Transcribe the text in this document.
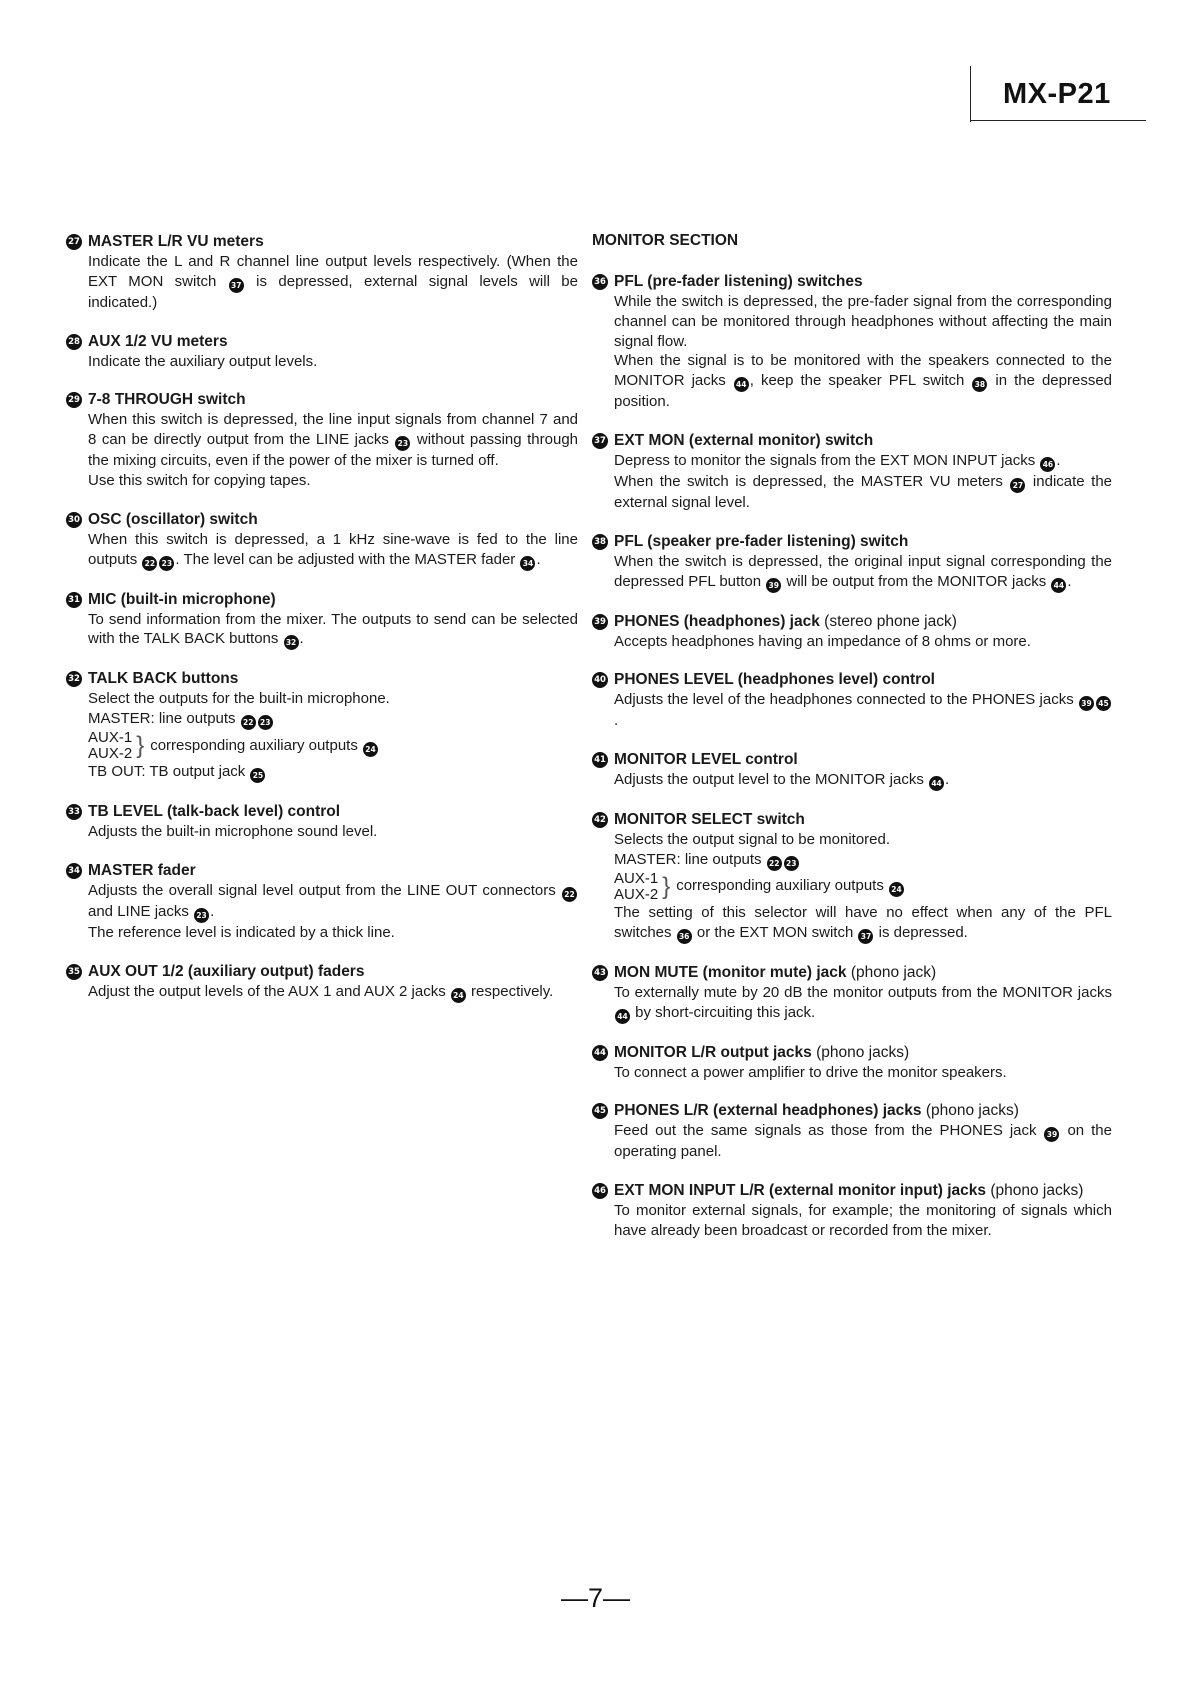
MX-P21
27 MASTER L/R VU meters

Indicate the L and R channel line output levels respectively. (When the EXT MON switch 37 is depressed, external signal levels will be indicated.)

28 AUX 1/2 VU meters

Indicate the auxiliary output levels.

29 7-8 THROUGH switch

When this switch is depressed, the line input signals from channel 7 and 8 can be directly output from the LINE jacks 23 without passing through the mixing circuits, even if the power of the mixer is turned off.

Use this switch for copying tapes.

30 OSC (oscillator) switch

When this switch is depressed, a 1 kHz sine-wave is fed to the line outputs 22 23 . The level can be adjusted with the MASTER fader 34 .

31 MIC (built-in microphone)

To send information from the mixer. The outputs to send can be selected with the TALK BACK buttons 32 .

32 TALK BACK buttons

Select the outputs for the built-in microphone.

MASTER: line outputs 22 23

AUX-1
AUX-2 } corresponding auxiliary outputs 24

TB OUT: TB output jack 25

33 TB LEVEL (talk-back level) control

Adjusts the built-in microphone sound level.

34 MASTER fader

Adjusts the overall signal level output from the LINE OUT connectors 22 and LINE jacks 23 .

The reference level is indicated by a thick line.

35 AUX OUT 1/2 (auxiliary output) faders

Adjust the output levels of the AUX 1 and AUX 2 jacks 24 respectively.

MONITOR SECTION
36 PFL (pre-fader listening) switches

While the switch is depressed, the pre-fader signal from the corresponding channel can be monitored through headphones without affecting the main signal flow.

When the signal is to be monitored with the speakers connected to the MONITOR jacks 44 , keep the speaker PFL switch 38 in the depressed position.

37 EXT MON (external monitor) switch

Depress to monitor the signals from the EXT MON INPUT jacks 46 .

When the switch is depressed, the MASTER VU meters 27 indicate the external signal level.

38 PFL (speaker pre-fader listening) switch

When the switch is depressed, the original input signal corresponding the depressed PFL button 39 will be output from the MONITOR jacks 44 .

39 PHONES (headphones) jack (stereo phone jack)

Accepts headphones having an impedance of 8 ohms or more.

40 PHONES LEVEL (headphones level) control

Adjusts the level of the headphones connected to the PHONES jacks 39 45.

41 MONITOR LEVEL control

Adjusts the output level to the MONITOR jacks 44 .

42 MONITOR SELECT switch

Selects the output signal to be monitored.

MASTER: line outputs 22 23

AUX-1
AUX-2 } corresponding auxiliary outputs 24

The setting of this selector will have no effect when any of the PFL switches 36 or the EXT MON switch 37 is depressed.

43 MON MUTE (monitor mute) jack (phono jack)

To externally mute by 20 dB the monitor outputs from the MONITOR jacks 44 by short-circuiting this jack.

44 MONITOR L/R output jacks (phono jacks)

To connect a power amplifier to drive the monitor speakers.

45 PHONES L/R (external headphones) jacks (phono jacks)

Feed out the same signals as those from the PHONES jack 39 on the operating panel.

46 EXT MON INPUT L/R (external monitor input) jacks (phono jacks)

To monitor external signals, for example; the monitoring of signals which have already been broadcast or recorded from the mixer.

—7—
